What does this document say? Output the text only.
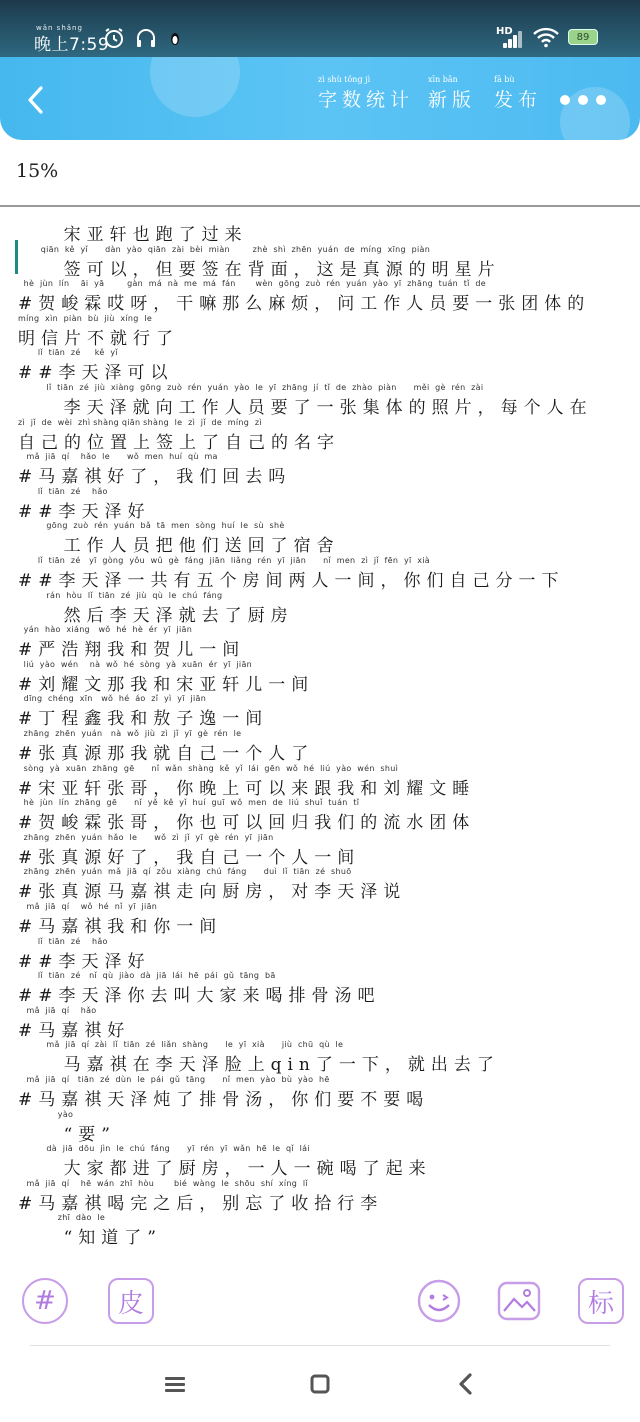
wǎn shǎng
晚上7:59
HD
89
zì shù tǒng jì
字数统计
xīn bǎn
新版
fā bù
发布
15%
宋亚轩也跑了过来
qiān  kě  yǐ      dàn  yào  qiān  zài  bèi  miàn        zhè  shì  zhēn  yuán  de  míng  xīng  piàn
签可以，但要签在背面，这是真源的明星片
hè  jùn  lín    āi  yā        gàn  má  nà  me  má  fán       wèn  gōng  zuò  rén  yuán  yào  yī  zhāng  tuán  tǐ  de
#贺峻霖哎呀，干嘛那么麻烦，问工作人员要一张团体的
míng  xìn  piàn  bù  jiù  xíng  le
明信片不就行了
lǐ  tiān  zé     kě  yǐ
##李天泽可以
lǐ  tiān  zé  jiù  xiàng  gōng  zuò  rén  yuán  yào  le  yī  zhāng  jí  tǐ  de  zhào  piàn      měi  gè  rén  zài
李天泽就向工作人员要了一张集体的照片，每个人在
zì  jǐ  de  wèi  zhì shàng qiān shàng  le  zì  jǐ  de  míng  zì
自己的位置上签上了自己的名字
mǎ  jiā  qí    hǎo  le      wǒ  men  huí  qù  ma
#马嘉祺好了，我们回去吗
lǐ  tiān  zé    hǎo
##李天泽好
gōng  zuò  rén  yuán  bǎ  tā  men  sòng  huí  le  sù  shè
工作人员把他们送回了宿舍
lǐ  tiān  zé   yī  gòng  yǒu  wǔ  gè  fáng  jiān  liǎng  rén  yī  jiān      nǐ  men  zì  jǐ  fēn  yī  xià
##李天泽一共有五个房间两人一间，你们自己分一下
rán  hòu  lǐ  tiān  zé  jiù  qù  le  chú  fáng
然后李天泽就去了厨房
yán  hào  xiáng   wǒ  hé  hè  ér  yī  jiān
#严浩翔我和贺儿一间
liú  yào  wén    nà  wǒ  hé  sòng  yà  xuān  ér  yī  jiān
#刘耀文那我和宋亚轩儿一间
dīng  chéng  xīn   wǒ  hé  áo  zǐ  yì  yī  jiān
#丁程鑫我和敖子逸一间
zhāng  zhēn  yuán   nà  wǒ  jiù  zì  jǐ  yī  gè  rén  le
#张真源那我就自己一个人了
sòng  yà  xuān  zhāng  gē      nǐ  wǎn  shàng  kě  yǐ  lái  gēn  wǒ  hé  liú  yào  wén  shuì
#宋亚轩张哥，你晚上可以来跟我和刘耀文睡
hè  jùn  lín  zhāng  gē      nǐ  yě  kě  yǐ  huí  guī  wǒ  men  de  liú  shuǐ  tuán  tǐ
#贺峻霖张哥，你也可以回归我们的流水团体
zhāng  zhēn  yuán  hǎo  le      wǒ  zì  jǐ  yī  gè  rén  yī  jiān
#张真源好了，我自己一个人一间
zhāng  zhēn  yuán  mǎ  jiā  qí  zǒu  xiàng  chú  fáng      duì  lǐ  tiān  zé  shuō
#张真源马嘉祺走向厨房，对李天泽说
mǎ  jiā  qí    wǒ  hé  nǐ  yī  jiān
#马嘉祺我和你一间
lǐ  tiān  zé    hǎo
##李天泽好
lǐ  tiān  zé   nǐ  qù  jiào  dà  jiā  lái  hē  pái  gǔ  tāng  bā
##李天泽你去叫大家来喝排骨汤吧
mǎ  jiā  qí    hǎo
#马嘉祺好
mǎ  jiā  qí  zài  lǐ  tiān  zé  liǎn  shàng      le  yī  xià      jiù  chū  qù  le
马嘉祺在李天泽脸上qin了一下，就出去了
mǎ  jiā  qí   tiān  zé  dùn  le  pái  gǔ  tāng      nǐ  men  yào  bù  yào  hē
#马嘉祺天泽炖了排骨汤，你们要不要喝
yào
“要”
dà  jiā  dōu  jìn  le  chú  fáng      yī  rén  yī  wǎn  hē  le  qǐ  lái
大家都进了厨房，一人一碗喝了起来
mǎ  jiā  qí    hē  wán  zhī  hòu       bié  wàng  le  shōu  shí  xíng  lǐ
#马嘉祺喝完之后，别忘了收拾行李
zhī  dào  le
“知道了”
#	皮	标
